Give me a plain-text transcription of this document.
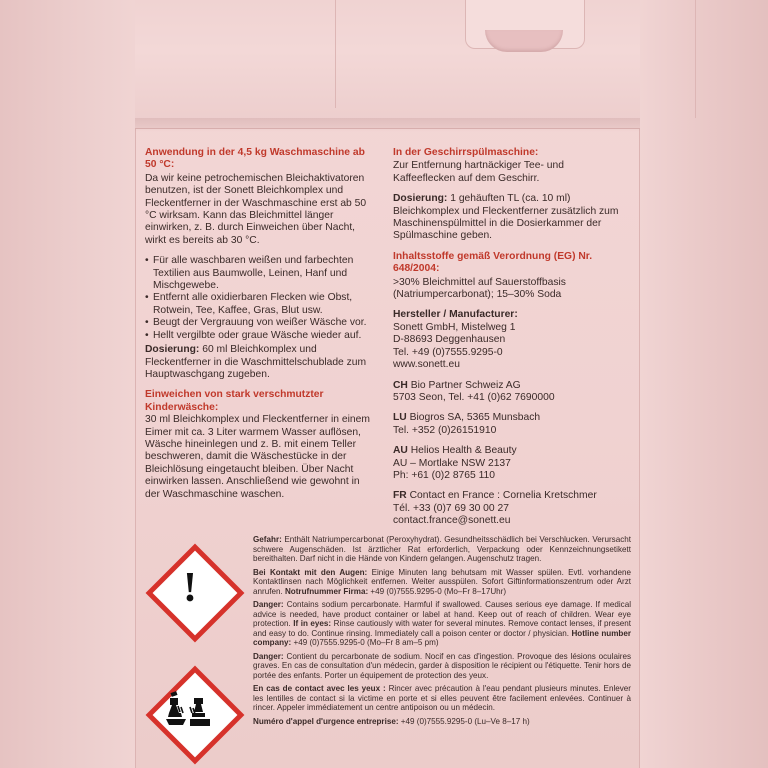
Anwendung in der 4,5 kg Waschmaschine ab 50 °C:

Da wir keine petrochemischen Bleichaktivatoren benutzen, ist der Sonett Bleichkomplex und Fleckentferner in der Waschmaschine erst ab 50 °C wirksam. Kann das Bleichmittel länger einwirken, z. B. durch Einweichen über Nacht, wirkt es bereits ab 30 °C.

• Für alle waschbaren weißen und farbechten Textilien aus Baumwolle, Leinen, Hanf und Mischgewebe.
• Entfernt alle oxidierbaren Flecken wie Obst, Rotwein, Tee, Kaffee, Gras, Blut usw.
• Beugt der Vergrauung von weißer Wäsche vor.
• Hellt vergilbte oder graue Wäsche wieder auf.

Dosierung: 60 ml Bleichkomplex und Fleckentferner in die Waschmittelschublade zum Hauptwaschgang zugeben.

Einweichen von stark verschmutzter Kinderwäsche:

30 ml Bleichkomplex und Fleckentferner in einem Eimer mit ca. 3 Liter warmem Wasser auflösen, Wäsche hineinlegen und z. B. mit einem Teller beschweren, damit die Wäschestücke in der Bleichlösung eingetaucht bleiben. Über Nacht einwirken lassen. Anschließend wie gewohnt in der Waschmaschine waschen.

In der Geschirrspülmaschine:

Zur Entfernung hartnäckiger Tee- und Kaffeeflecken auf dem Geschirr.

Dosierung: 1 gehäuften TL (ca. 10 ml) Bleichkomplex und Fleckentferner zusätzlich zum Maschinenspülmittel in die Dosierkammer der Spülmaschine geben.

Inhaltsstoffe gemäß Verordnung (EG) Nr. 648/2004:

>30% Bleichmittel auf Sauerstoffbasis (Natriumpercarbonat); 15–30% Soda

Hersteller / Manufacturer:

Sonett GmbH, Mistelweg 1

D-88693 Deggenhausen

Tel. +49 (0)7555.9295-0

www.sonett.eu

CH Bio Partner Schweiz AG

5703 Seon, Tel. +41 (0)62 7690000

LU Biogros SA, 5365 Munsbach

Tel. +352 (0)26151910

AU Helios Health & Beauty

AU – Mortlake NSW 2137

Ph: +61 (0)2 8765 110

FR Contact en France : Cornelia Kretschmer

Tél. +33 (0)7 69 30 00 27

contact.france@sonett.eu

!

Gefahr: Enthält Natriumpercarbonat (Peroxyhydrat). Gesundheitsschädlich bei Verschlucken. Verursacht schwere Augenschäden. Ist ärztlicher Rat erforderlich, Verpackung oder Kennzeichnungsetikett bereithalten. Darf nicht in die Hände von Kindern gelangen. Augenschutz tragen.

Bei Kontakt mit den Augen: Einige Minuten lang behutsam mit Wasser spülen. Evtl. vorhandene Kontaktlinsen nach Möglichkeit entfernen. Weiter ausspülen. Sofort Giftinformationszentrum oder Arzt anrufen. Notrufnummer Firma: +49 (0)7555.9295-0 (Mo–Fr 8–17Uhr)

Danger: Contains sodium percarbonate. Harmful if swallowed. Causes serious eye damage. If medical advice is needed, have product container or label at hand. Keep out of reach of children. Wear eye protection. If in eyes: Rinse cautiously with water for several minutes. Remove contact lenses, if present and easy to do. Continue rinsing. Immediately call a poison center or doctor / physician. Hotline number company: +49 (0)7555.9295-0 (Mo–Fr 8 am–5 pm)

Danger: Contient du percarbonate de sodium. Nocif en cas d'ingestion. Provoque des lésions oculaires graves. En cas de consultation d'un médecin, garder à disposition le récipient ou l'étiquette. Tenir hors de portée des enfants. Porter un équipement de protection des yeux.

En cas de contact avec les yeux : Rincer avec précaution à l'eau pendant plusieurs minutes. Enlever les lentilles de contact si la victime en porte et si elles peuvent être facilement enlevées. Continuer à rincer. Appeler immédiatement un centre antipoison ou un médecin.

Numéro d'appel d'urgence entreprise: +49 (0)7555.9295-0 (Lu–Ve 8–17 h)
